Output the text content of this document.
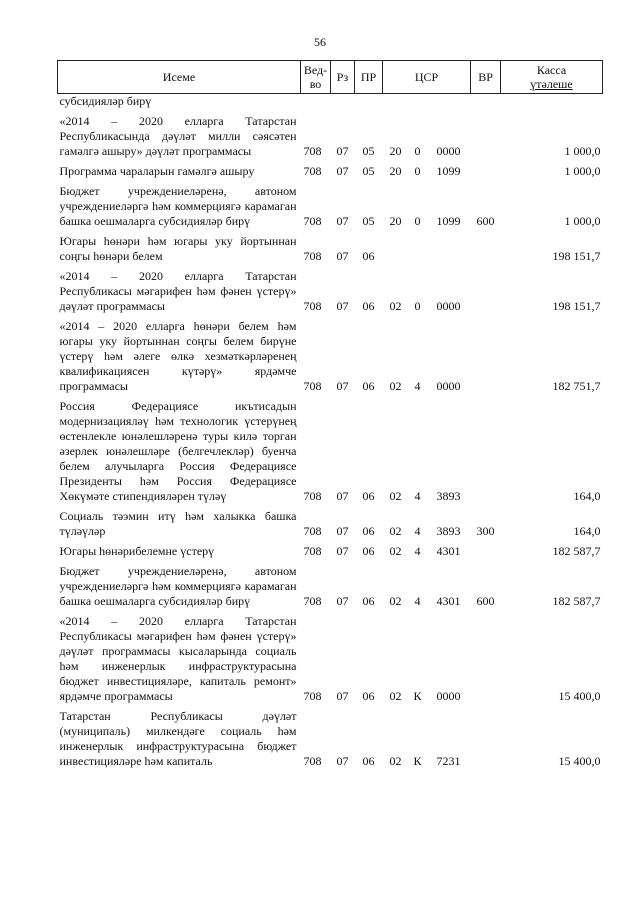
56
Исеме	Вед-во	Рз	ПР	ЦСР			ВР	Касса
үтәлеше

субсидияләр бирү								
«2014 – 2020 елларга Татарстан Республикасында дәүләт милли сәясәтен гамәлгә ашыру» дәүләт программасы	708	07	05	20	0	0000		1 000,0
Программа чараларын гамәлгә ашыру	708	07	05	20	0	1099		1 000,0
Бюджет учреждениеләренә, автоном учреждениеләргә һәм коммерциягә карамаган башка оешмаларга субсидияләр бирү	708	07	05	20	0	1099	600	1 000,0
Югары һөнәри һәм югары уку йортыннан соңгы һөнәри белем	708	07	06					198 151,7
«2014 – 2020 елларга Татарстан Республикасы мәгарифен һәм фәнен үстерү» дәүләт программасы	708	07	06	02	0	0000		198 151,7
«2014 – 2020 елларга һөнәри белем һәм югары уку йортыннан соңгы белем бирүне үстерү һәм әлеге өлкә хезмәткәрләренең квалификациясен күтәрү» ярдәмче программасы	708	07	06	02	4	0000		182 751,7
Россия Федерациясе икътисадын модернизацияләү һәм технологик үстерүнең өстенлекле юнәлешләренә туры килә торган әзерлек юнәлешләре (белгечлекләр) буенча белем алучыларга Россия Федерациясе Президенты һәм Россия Федерациясе Хөкүмәте стипендияләрен түләү	708	07	06	02	4	3893		164,0
Социаль тәэмин итү һәм халыкка башка түләүләр	708	07	06	02	4	3893	300	164,0
Югары һөнәрибелемне үстерү	708	07	06	02	4	4301		182 587,7
Бюджет учреждениеләренә, автоном учреждениеләргә һәм коммерциягә карамаган башка оешмаларга субсидияләр бирү	708	07	06	02	4	4301	600	182 587,7
«2014 – 2020 елларга Татарстан Республикасы мәгарифен һәм фәнен үстерү» дәүләт программасы кысаларында социаль һәм инженерлык инфраструктурасына бюджет инвестицияләре, капиталь ремонт» ярдәмче программасы	708	07	06	02	К	0000		15 400,0
Татарстан Республикасы дәүләт (муниципаль) милкендәге социаль һәм инженерлык инфраструктурасына бюджет инвестицияләре һәм капиталь	708	07	06	02	К	7231		15 400,0
